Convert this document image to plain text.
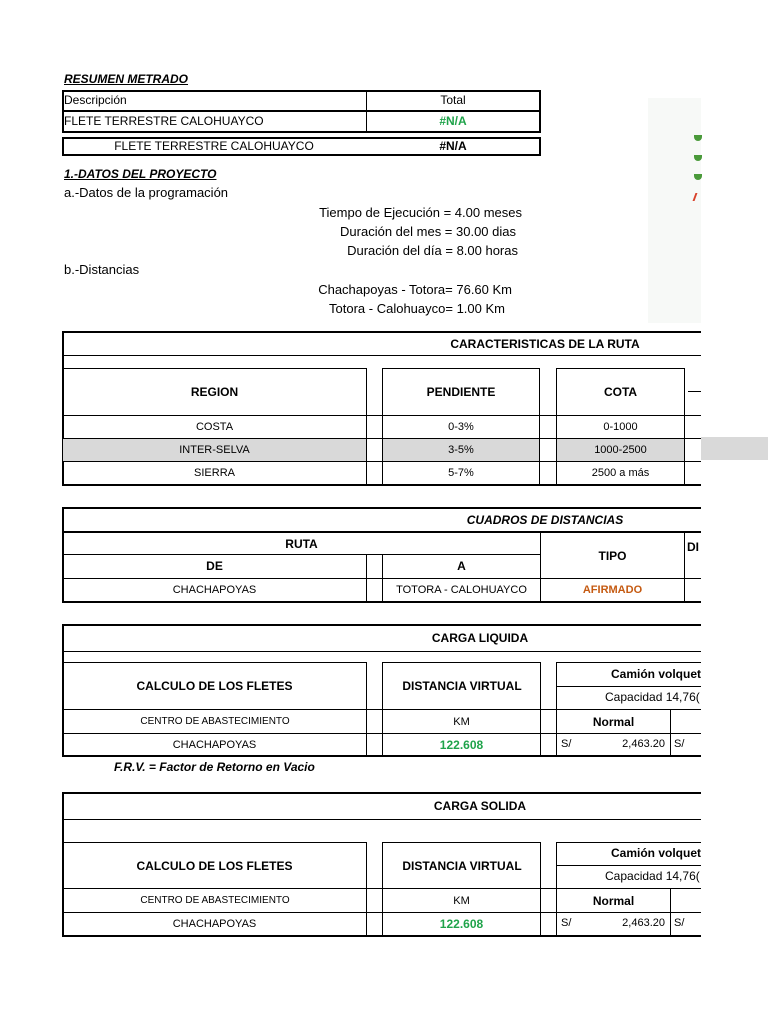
RESUMEN METRADO
Descripción	Total
FLETE TERRESTRE CALOHUAYCO	#N/A
FLETE TERRESTRE CALOHUAYCO	#N/A
1.-DATOS DEL PROYECTO
a.-Datos de la programación
Tiempo de Ejecución = 4.00 meses
Duración del mes = 30.00 dias
Duración del día = 8.00 horas
b.-Distancias
Chachapoyas - Totora= 76.60 Km
Totora - Calohuayco= 1.00 Km
CARACTERISTICAS DE LA RUTA
REGION	PENDIENTE	COTA
COSTA	0-3%	0-1000
INTER-SELVA	3-5%	1000-2500
SIERRA	5-7%	2500 a más
CUADROS DE DISTANCIAS
RUTA
DE	A
TIPO
DI
CHACHAPOYAS	TOTORA - CALOHUAYCO	AFIRMADO
CARGA LIQUIDA
CALCULO DE LOS FLETES	DISTANCIA VIRTUAL
Camión volquet
Capacidad 14,76(
CENTRO DE ABASTECIMIENTO	KM	Normal
CHACHAPOYAS	122.608	S/	2,463.20 S/
F.R.V. = Factor de Retorno en Vacio
CARGA SOLIDA
CALCULO DE LOS FLETES	DISTANCIA VIRTUAL
Camión volquet
Capacidad 14,76(
CENTRO DE ABASTECIMIENTO	KM	Normal
CHACHAPOYAS	122.608	S/	2,463.20 S/
